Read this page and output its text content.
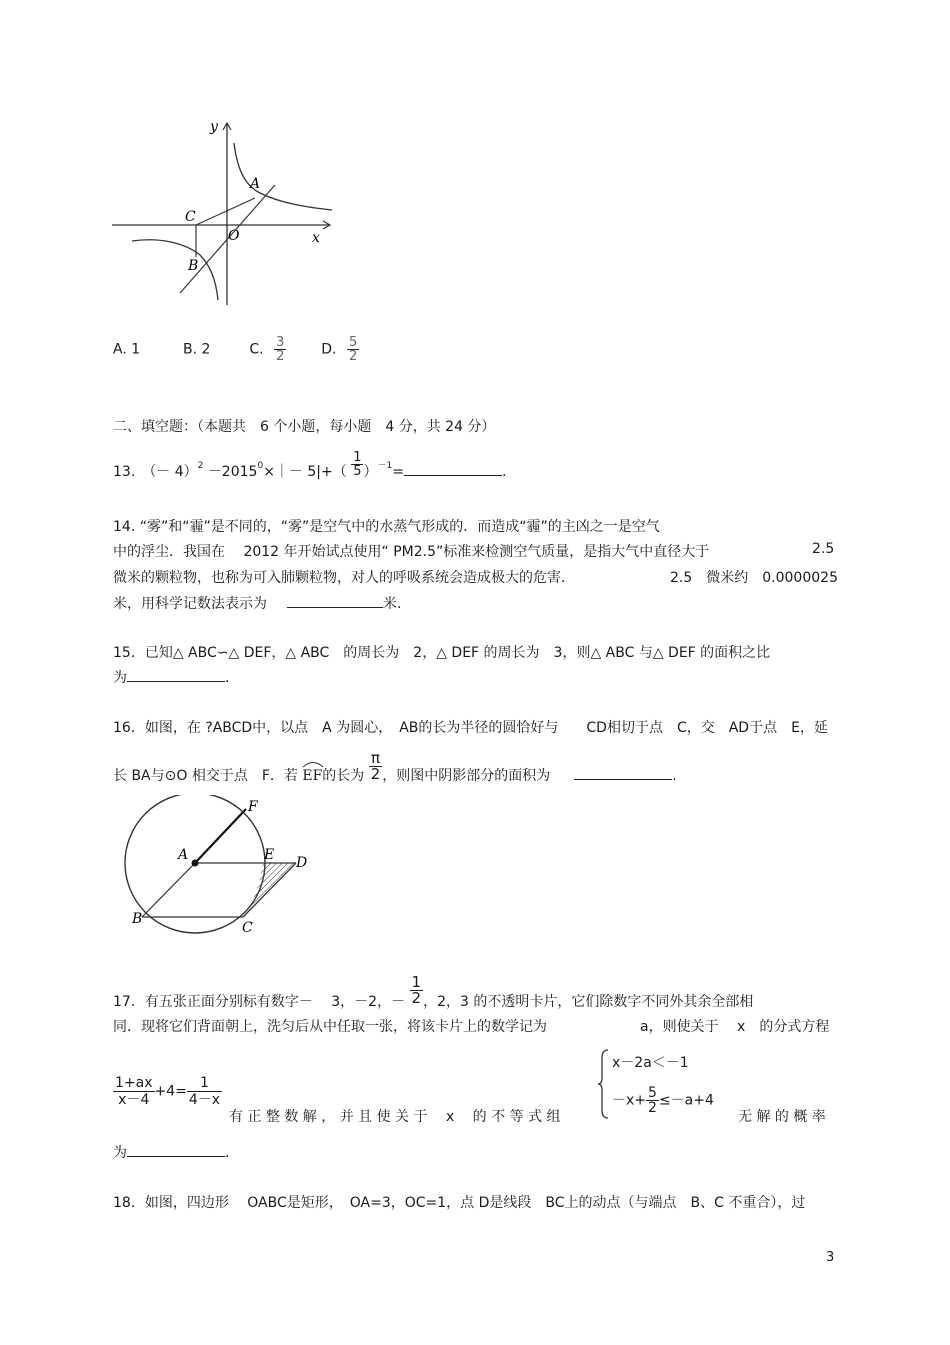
y
x
A
C
O
B
A. 1	B. 2	C. $\frac{3}{2} D$. $\frac{5}{2}$
二、填空题：（本题共　6 个小题，每小题　4 分，共 24 分）
13.　（－ $4)^2 -2015^0\times|- 5|+( \frac{1}{5} )^{-1}=$	.
14. “雾”和“霾”是不同的，“雾”是空气中的水蒸气形成的．而造成“霾”的主凶之一是空气
中的浮尘．我国在　 2012 年开始试点使用“ PM2.5”标准来检测空气质量，是指大气中直径大于	2.5
微米的颗粒物，也称为可入肺颗粒物，对人的呼吸系统会造成极大的危害．	2.5　微米约　0.0000025
米，用科学记数法表示为	米.
15．已知△ ABC∽△ DEF，△ ABC　的周长为　2，△ DEF 的周长为　3，则△ ABC 与△ DEF 的面积之比
为	.
16．如图，在 ?ABCD中，以点　A 为圆心，　AB的长为半径的圆恰好与　　CD相切于点　C，交　AD于点　E，延
长 BA与⊙O 相交于点　F．若 EF的长为 $\frac{\pi}{2}$ ，则图中阴影部分的面积为	.
F
A	E D
B
C
17．有五张正面分别标有数字－　 3，－2，－ $\frac{1}{2}$ ，2，3 的不透明卡片，它们除数字不同外其余全部相
同．现将它们背面朝上，洗匀后从中任取一张，将该卡片上的数学记为	a，则使关于　 x　的分式方程
$\frac{1+ax}{x-4} +4= \frac{1}{4-x}$
有 正 整 数 解 ， 并 且 使 关 于　 x　 的 不 等 式 组
x－2a＜－1
$-x+ \frac{5}{2} \le-a+4$
无 解 的 概 率
为	.
18．如图，四边形　 OABC是矩形，　OA=3，OC=1，点 D是线段　BC上的动点（与端点　B、C 不重合），过
3
